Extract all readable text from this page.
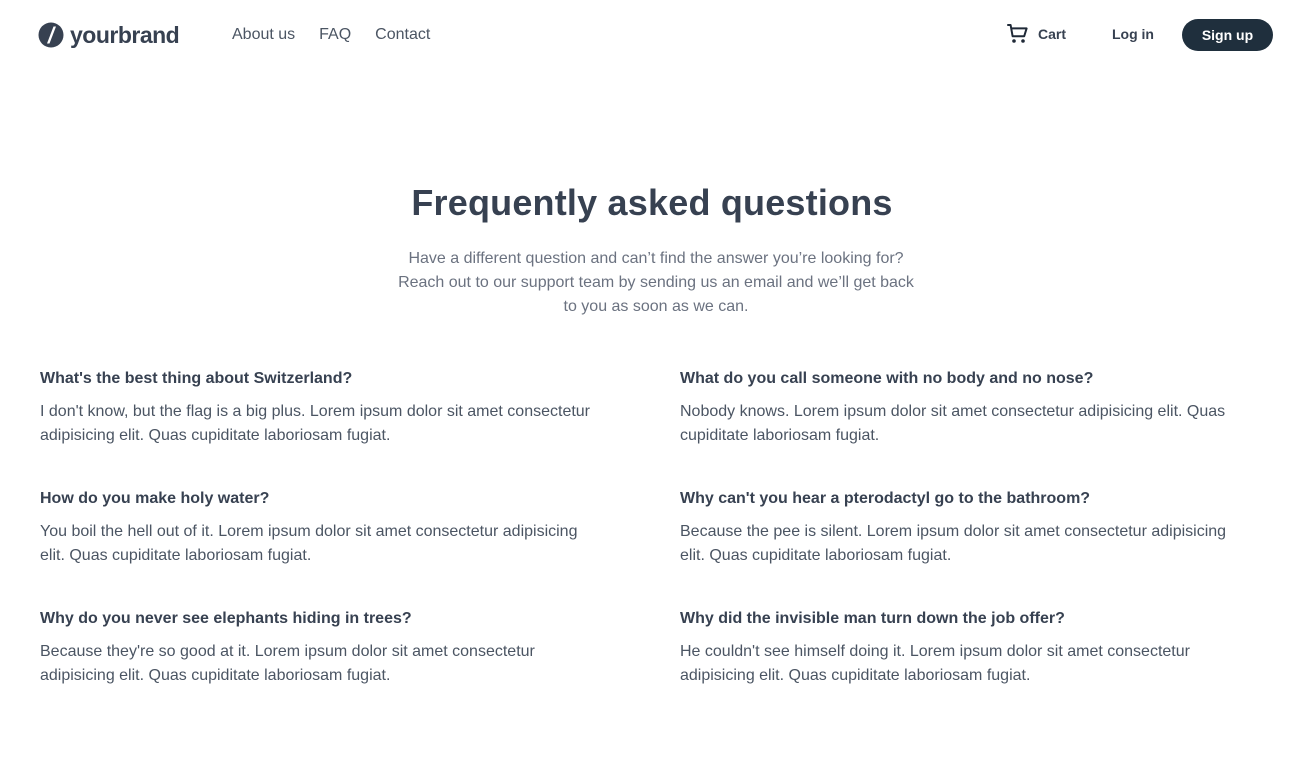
yourbrand	About us FAQ Contact	Cart	Log in	Sign up
Frequently asked questions

Have a different question and can’t find the answer you’re looking for? Reach out to our support team by sending us an email and we’ll get back to you as soon as we can.

What's the best thing about Switzerland?

I don't know, but the flag is a big plus. Lorem ipsum dolor sit amet consectetur adipisicing elit. Quas cupiditate laboriosam fugiat.

What do you call someone with no body and no nose?

Nobody knows. Lorem ipsum dolor sit amet consectetur adipisicing elit. Quas cupiditate laboriosam fugiat.

How do you make holy water?

You boil the hell out of it. Lorem ipsum dolor sit amet consectetur adipisicing elit. Quas cupiditate laboriosam fugiat.

Why can't you hear a pterodactyl go to the bathroom?

Because the pee is silent. Lorem ipsum dolor sit amet consectetur adipisicing elit. Quas cupiditate laboriosam fugiat.

Why do you never see elephants hiding in trees?

Because they're so good at it. Lorem ipsum dolor sit amet consectetur adipisicing elit. Quas cupiditate laboriosam fugiat.

Why did the invisible man turn down the job offer?

He couldn't see himself doing it. Lorem ipsum dolor sit amet consectetur adipisicing elit. Quas cupiditate laboriosam fugiat.
